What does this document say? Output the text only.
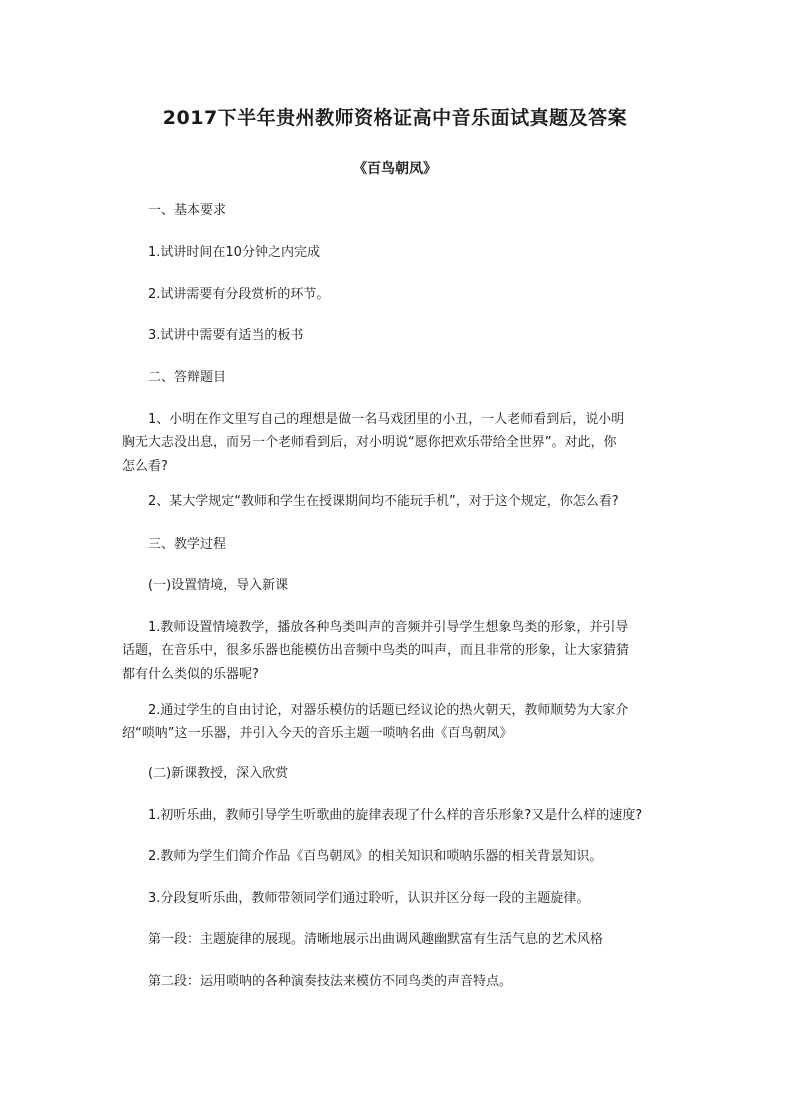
2017下半年贵州教师资格证高中音乐面试真题及答案
《百鸟朝凤》

一、基本要求

1.试讲时间在10分钟之内完成

2.试讲需要有分段赏析的环节。

3.试讲中需要有适当的板书

二、答辩题目

1、小明在作文里写自己的理想是做一名马戏团里的小丑，一人老师看到后，说小明
胸无大志没出息，而另一个老师看到后，对小明说“愿你把欢乐带给全世界”。对此，你
怎么看?

2、某大学规定“教师和学生在授课期间均不能玩手机”，对于这个规定，你怎么看?

三、教学过程

(一)设置情境，导入新课

1.教师设置情境教学，播放各种鸟类叫声的音频并引导学生想象鸟类的形象，并引导
话题，在音乐中，很多乐器也能模仿出音频中鸟类的叫声，而且非常的形象，让大家猜猜
都有什么类似的乐器呢?
2.通过学生的自由讨论，对器乐模仿的话题已经议论的热火朝天，教师顺势为大家介
绍“唢呐”这一乐器，并引入今天的音乐主题一唢呐名曲《百鸟朝凤》

(二)新课教授，深入欣赏

1.初听乐曲，教师引导学生听歌曲的旋律表现了什么样的音乐形象?又是什么样的速度?

2.教师为学生们简介作品《百鸟朝凤》的相关知识和唢呐乐器的相关背景知识。

3.分段复听乐曲，教师带领同学们通过聆听，认识并区分每一段的主题旋律。

第一段：主题旋律的展现。清晰地展示出曲调风趣幽默富有生活气息的艺术风格

第二段：运用唢呐的各种演奏技法来模仿不同鸟类的声音特点。
